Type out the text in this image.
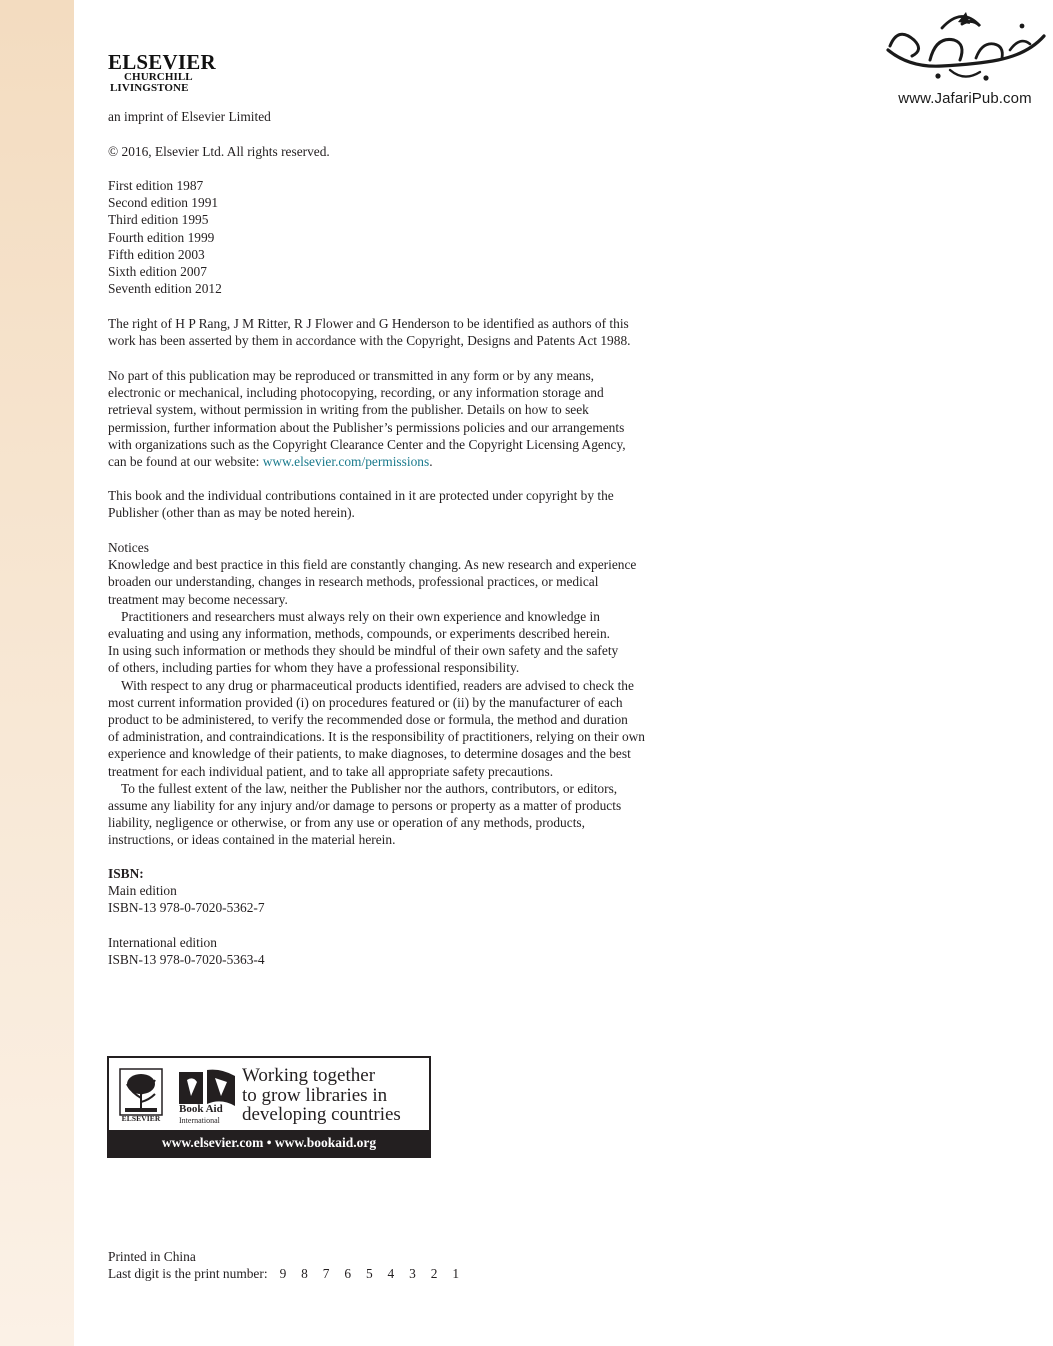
www.JafariPub.com
ELSEVIER
CHURCHILL
LIVINGSTONE
an imprint of Elsevier Limited
© 2016, Elsevier Ltd. All rights reserved.
First edition 1987
Second edition 1991
Third edition 1995
Fourth edition 1999
Fifth edition 2003
Sixth edition 2007
Seventh edition 2012
The right of H P Rang, J M Ritter, R J Flower and G Henderson to be identified as authors of this
work has been asserted by them in accordance with the Copyright, Designs and Patents Act 1988.
No part of this publication may be reproduced or transmitted in any form or by any means,
electronic or mechanical, including photocopying, recording, or any information storage and
retrieval system, without permission in writing from the publisher. Details on how to seek
permission, further information about the Publisher’s permissions policies and our arrangements
with organizations such as the Copyright Clearance Center and the Copyright Licensing Agency,
can be found at our website: www.elsevier.com/permissions.
This book and the individual contributions contained in it are protected under copyright by the
Publisher (other than as may be noted herein).
Notices
Knowledge and best practice in this field are constantly changing. As new research and experience
broaden our understanding, changes in research methods, professional practices, or medical
treatment may become necessary.
Practitioners and researchers must always rely on their own experience and knowledge in
evaluating and using any information, methods, compounds, or experiments described herein.
In using such information or methods they should be mindful of their own safety and the safety
of others, including parties for whom they have a professional responsibility.
With respect to any drug or pharmaceutical products identified, readers are advised to check the
most current information provided (i) on procedures featured or (ii) by the manufacturer of each
product to be administered, to verify the recommended dose or formula, the method and duration
of administration, and contraindications. It is the responsibility of practitioners, relying on their own
experience and knowledge of their patients, to make diagnoses, to determine dosages and the best
treatment for each individual patient, and to take all appropriate safety precautions.
To the fullest extent of the law, neither the Publisher nor the authors, contributors, or editors,
assume any liability for any injury and/or damage to persons or property as a matter of products
liability, negligence or otherwise, or from any use or operation of any methods, products,
instructions, or ideas contained in the material herein.
ISBN:
Main edition
ISBN-13 978-0-7020-5362-7
International edition
ISBN-13 978-0-7020-5363-4
ELSEVIER
Book Aid
International
Working together
to grow libraries in
developing countries
www.elsevier.com • www.bookaid.org
Printed in China
Last digit is the print number: 9 8 7 6 5 4 3 2 1
